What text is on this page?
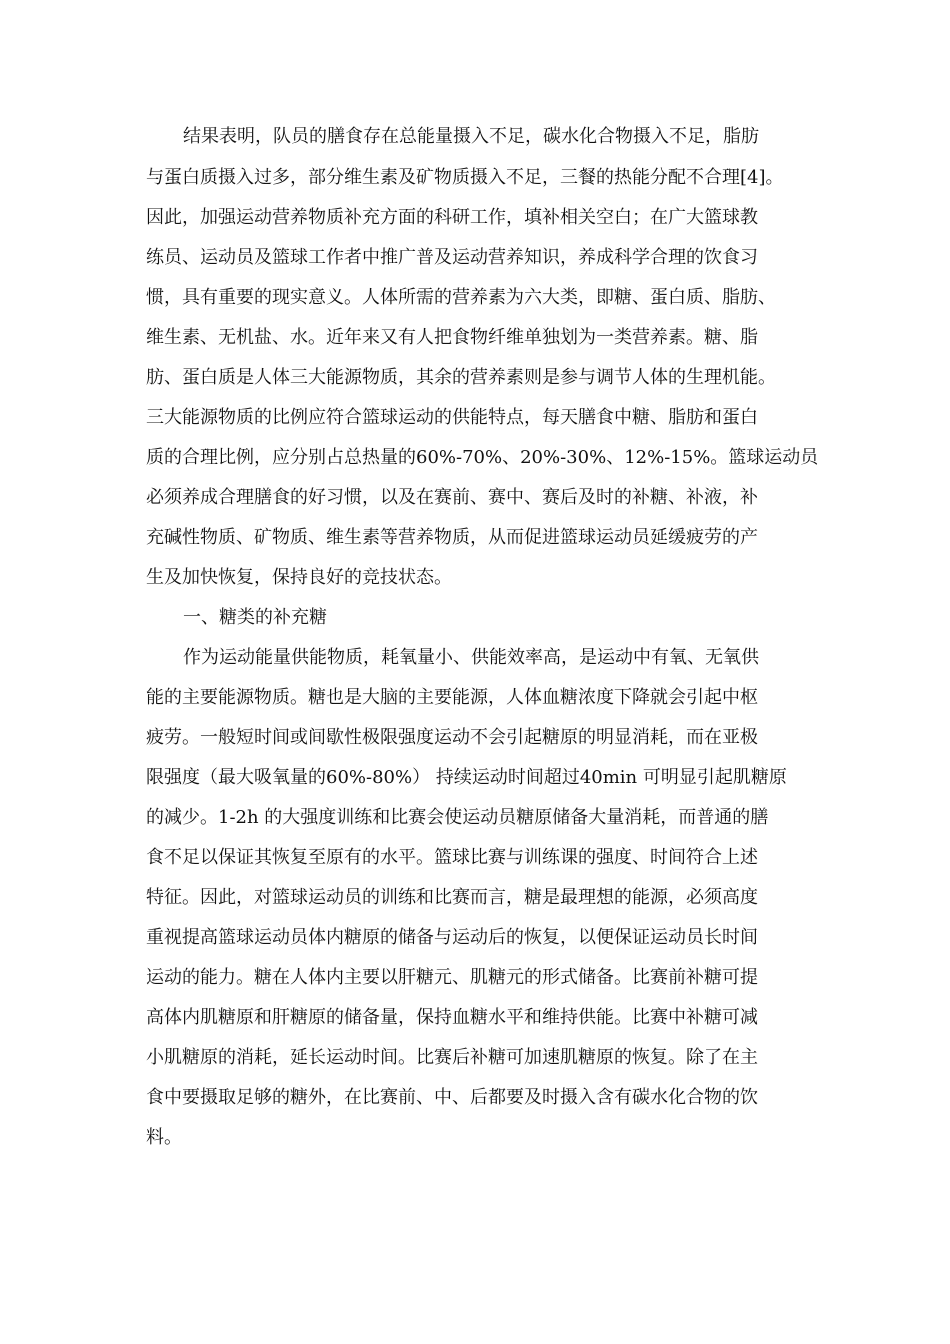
结果表明，队员的膳食存在总能量摄入不足，碳水化合物摄入不足，脂肪
与蛋白质摄入过多，部分维生素及矿物质摄入不足，三餐的热能分配不合理[4]。
因此，加强运动营养物质补充方面的科研工作，填补相关空白；在广大篮球教
练员、运动员及篮球工作者中推广普及运动营养知识，养成科学合理的饮食习
惯，具有重要的现实意义。人体所需的营养素为六大类，即糖、蛋白质、脂肪、
维生素、无机盐、水。近年来又有人把食物纤维单独划为一类营养素。糖、脂
肪、蛋白质是人体三大能源物质，其余的营养素则是参与调节人体的生理机能。
三大能源物质的比例应符合篮球运动的供能特点，每天膳食中糖、脂肪和蛋白
质的合理比例，应分别占总热量的60%-70%、20%-30%、12%-15%。篮球运动员
必须养成合理膳食的好习惯，以及在赛前、赛中、赛后及时的补糖、补液，补
充碱性物质、矿物质、维生素等营养物质，从而促进篮球运动员延缓疲劳的产
生及加快恢复，保持良好的竞技状态。
一、糖类的补充糖
作为运动能量供能物质，耗氧量小、供能效率高，是运动中有氧、无氧供
能的主要能源物质。糖也是大脑的主要能源，人体血糖浓度下降就会引起中枢
疲劳。一般短时间或间歇性极限强度运动不会引起糖原的明显消耗，而在亚极
限强度（最大吸氧量的60%-80%） 持续运动时间超过40min 可明显引起肌糖原
的减少。1-2h 的大强度训练和比赛会使运动员糖原储备大量消耗，而普通的膳
食不足以保证其恢复至原有的水平。篮球比赛与训练课的强度、时间符合上述
特征。因此，对篮球运动员的训练和比赛而言，糖是最理想的能源，必须高度
重视提高篮球运动员体内糖原的储备与运动后的恢复，以便保证运动员长时间
运动的能力。糖在人体内主要以肝糖元、肌糖元的形式储备。比赛前补糖可提
高体内肌糖原和肝糖原的储备量，保持血糖水平和维持供能。比赛中补糖可减
小肌糖原的消耗，延长运动时间。比赛后补糖可加速肌糖原的恢复。除了在主
食中要摄取足够的糖外，在比赛前、中、后都要及时摄入含有碳水化合物的饮
料。
